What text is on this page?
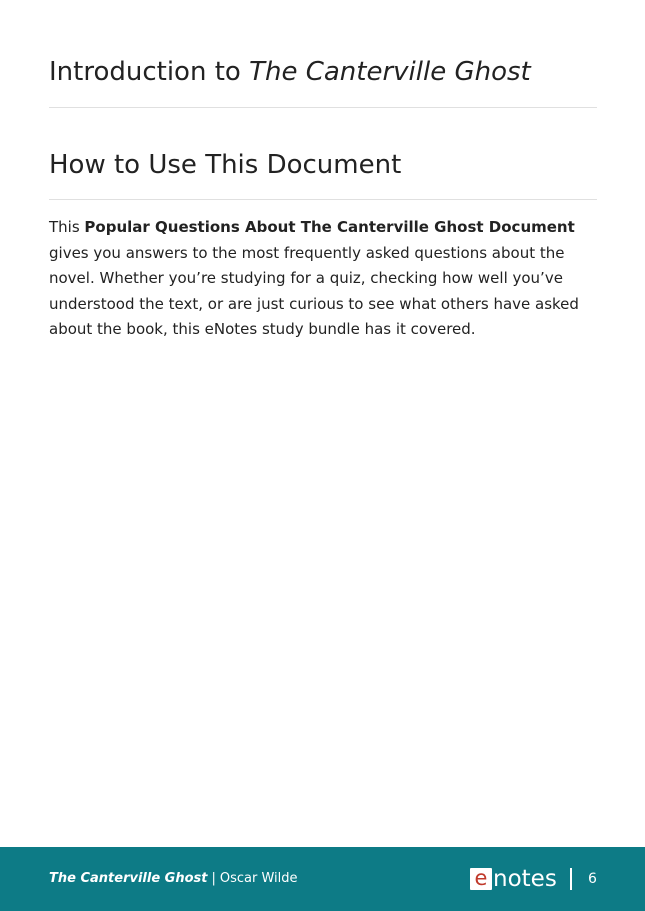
Introduction to The Canterville Ghost
How to Use This Document

This Popular Questions About The Canterville Ghost Document gives you answers to the most frequently asked questions about the novel. Whether you’re studying for a quiz, checking how well you’ve understood the text, or are just curious to see what others have asked about the book, this eNotes study bundle has it covered.

The Canterville Ghost | Oscar Wilde	e notes 6
